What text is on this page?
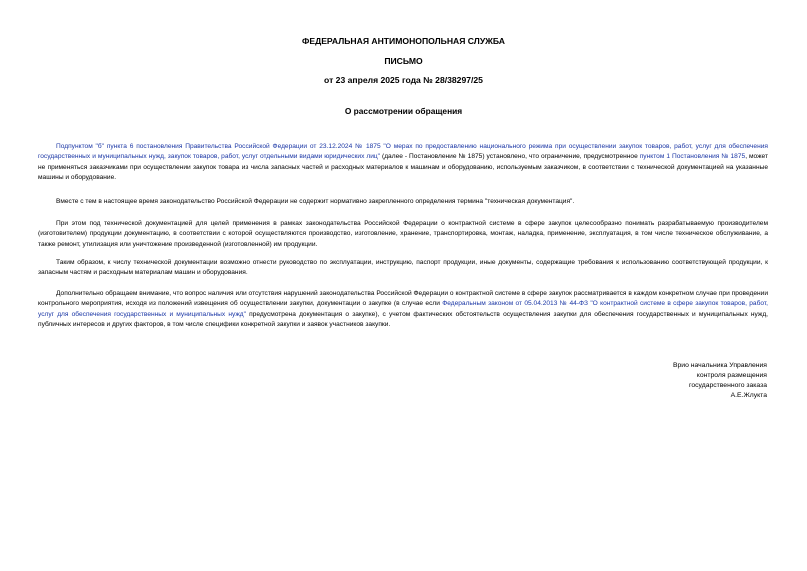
ФЕДЕРАЛЬНАЯ АНТИМОНОПОЛЬНАЯ СЛУЖБА
ПИСЬМО
от 23 апреля 2025 года № 28/38297/25
О рассмотрении обращения

Подпунктом "б" пункта 6 постановления Правительства Российской Федерации от 23.12.2024 № 1875 "О мерах по предоставлению национального режима при осуществлении закупок товаров, работ, услуг для обеспечения государственных и муниципальных нужд, закупок товаров, работ, услуг отдельными видами юридических лиц" (далее - Постановление № 1875) установлено, что ограничение, предусмотренное пунктом 1 Постановления № 1875, может не применяться заказчиками при осуществлении закупок товара из числа запасных частей и расходных материалов к машинам и оборудованию, используемым заказчиком, в соответствии с технической документацией на указанные машины и оборудование.

Вместе с тем в настоящее время законодательство Российской Федерации не содержит нормативно закрепленного определения термина "техническая документация".

При этом под технической документацией для целей применения в рамках законодательства Российской Федерации о контрактной системе в сфере закупок целесообразно понимать разрабатываемую производителем (изготовителем) продукции документацию, в соответствии с которой осуществляются производство, изготовление, хранение, транспортировка, монтаж, наладка, применение, эксплуатация, в том числе техническое обслуживание, а также ремонт, утилизация или уничтожение произведенной (изготовленной) им продукции.

Таким образом, к числу технической документации возможно отнести руководство по эксплуатации, инструкцию, паспорт продукции, иные документы, содержащие требования к использованию соответствующей продукции, к запасным частям и расходным материалам машин и оборудования.

Дополнительно обращаем внимание, что вопрос наличия или отсутствия нарушений законодательства Российской Федерации о контрактной системе в сфере закупок рассматривается в каждом конкретном случае при проведении контрольного мероприятия, исходя из положений извещения об осуществлении закупки, документации о закупке (в случае если Федеральным законом от 05.04.2013 № 44-ФЗ "О контрактной системе в сфере закупок товаров, работ, услуг для обеспечения государственных и муниципальных нужд" предусмотрена документация о закупке), с учетом фактических обстоятельств осуществления закупки для обеспечения государственных и муниципальных нужд, публичных интересов и других факторов, в том числе специфики конкретной закупки и заявок участников закупки.

Врио начальника Управления
контроля размещения
государственного заказа
А.Е.Жлукта
